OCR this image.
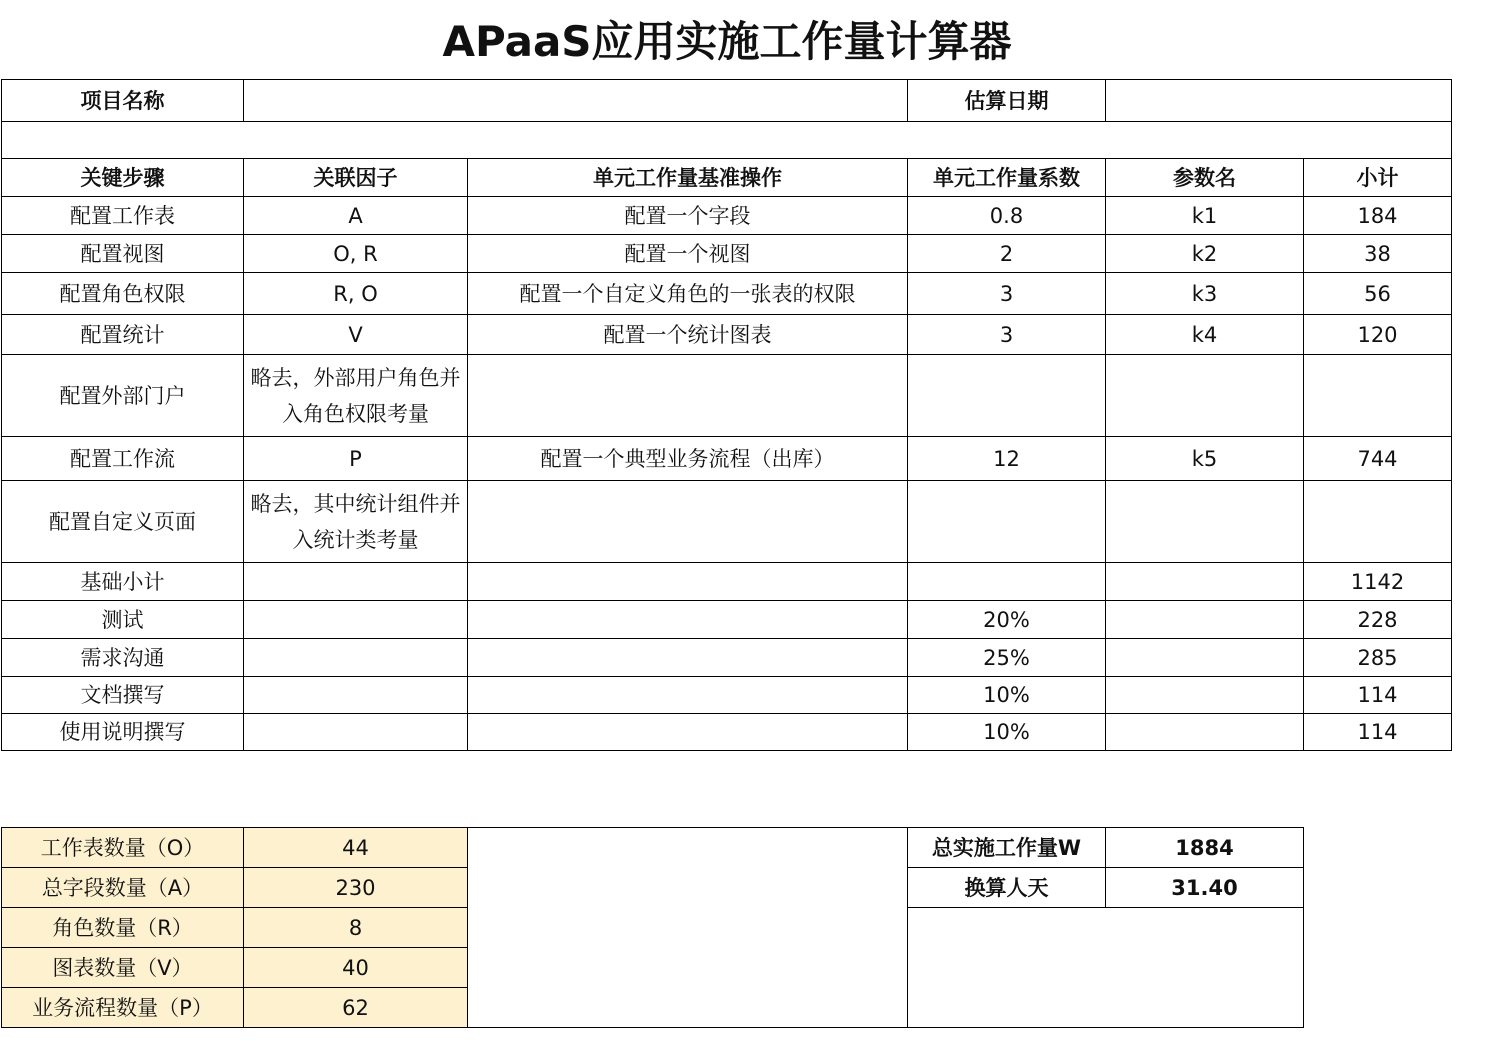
APaaS应用实施工作量计算器
项目名称			估算日期		

关键步骤	关联因子	单元工作量基准操作	单元工作量系数	参数名	小计
配置工作表	A	配置一个字段	0.8	k1	184
配置视图	O, R	配置一个视图	2	k2	38
配置角色权限	R, O	配置一个自定义角色的一张表的权限	3	k3	56
配置统计	V	配置一个统计图表	3	k4	120
配置外部门户	略去，外部用户角色并入角色权限考量				
配置工作流	P	配置一个典型业务流程（出库）	12	k5	744
配置自定义页面	略去，其中统计组件并入统计类考量				
基础小计					1142
测试			20%		228
需求沟通			25%		285
文档撰写			10%		114
使用说明撰写			10%		114
工作表数量（O）	44		总实施工作量W	1884
总字段数量（A）	230		换算人天	31.40
角色数量（R）	8			
图表数量（V）	40			
业务流程数量（P）	62			
